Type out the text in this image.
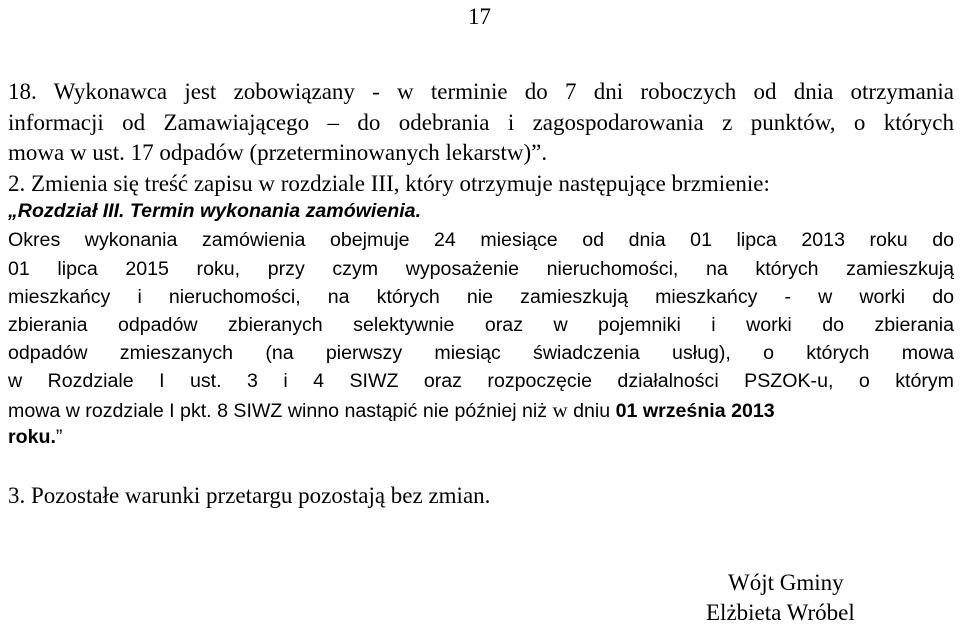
17
18. Wykonawca jest zobowiązany - w terminie do 7 dni roboczych od dnia otrzymania
informacji od Zamawiającego – do odebrania i zagospodarowania z punktów, o których
mowa w ust. 17 odpadów (przeterminowanych lekarstw)”.
2. Zmienia się treść zapisu w rozdziale III, który otrzymuje następujące brzmienie:
„Rozdział III. Termin wykonania zamówienia.
Okres wykonania zamówienia obejmuje 24 miesiące od dnia 01 lipca 2013 roku do
01 lipca 2015 roku, przy czym wyposażenie nieruchomości, na których zamieszkują
mieszkańcy i nieruchomości, na których nie zamieszkują mieszkańcy - w worki do
zbierania odpadów zbieranych selektywnie oraz w pojemniki i worki do zbierania
odpadów zmieszanych (na pierwszy miesiąc świadczenia usług), o których mowa
w Rozdziale I ust. 3 i 4 SIWZ oraz rozpoczęcie działalności PSZOK-u, o którym
mowa w rozdziale I pkt. 8 SIWZ winno nastąpić nie później niż w dniu 01 września 2013
roku.”
3. Pozostałe warunki przetargu pozostają bez zmian.
Wójt Gminy
Elżbieta Wróbel
